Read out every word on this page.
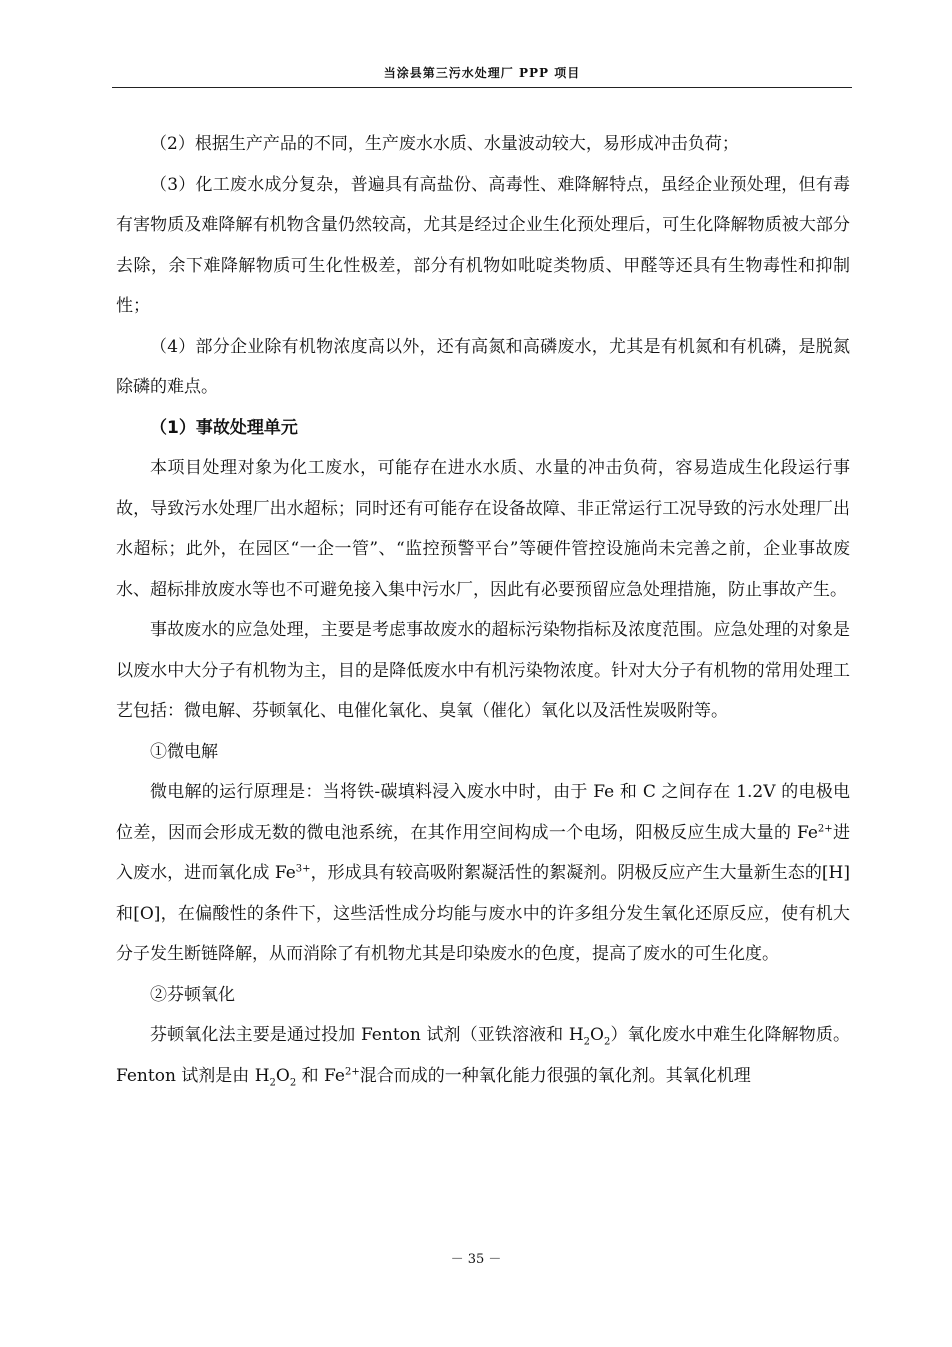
当涂县第三污水处理厂 PPP 项目

（2）根据生产产品的不同，生产废水水质、水量波动较大，易形成冲击负荷；

（3）化工废水成分复杂，普遍具有高盐份、高毒性、难降解特点，虽经企业预处理，但有毒有害物质及难降解有机物含量仍然较高，尤其是经过企业生化预处理后，可生化降解物质被大部分去除，余下难降解物质可生化性极差，部分有机物如吡啶类物质、甲醛等还具有生物毒性和抑制性；

（4）部分企业除有机物浓度高以外，还有高氮和高磷废水，尤其是有机氮和有机磷，是脱氮除磷的难点。

（1）事故处理单元

本项目处理对象为化工废水，可能存在进水水质、水量的冲击负荷，容易造成生化段运行事故，导致污水处理厂出水超标；同时还有可能存在设备故障、非正常运行工况导致的污水处理厂出水超标；此外，在园区“一企一管”、“监控预警平台”等硬件管控设施尚未完善之前，企业事故废水、超标排放废水等也不可避免接入集中污水厂，因此有必要预留应急处理措施，防止事故产生。

事故废水的应急处理，主要是考虑事故废水的超标污染物指标及浓度范围。应急处理的对象是以废水中大分子有机物为主，目的是降低废水中有机污染物浓度。针对大分子有机物的常用处理工艺包括：微电解、芬顿氧化、电催化氧化、臭氧（催化）氧化以及活性炭吸附等。

①微电解

微电解的运行原理是：当将铁-碳填料浸入废水中时，由于 Fe 和 C 之间存在 1.2V 的电极电位差，因而会形成无数的微电池系统，在其作用空间构成一个电场，阳极反应生成大量的 $Fe^{2+}$进入废水，进而氧化成 $Fe^{3+}$，形成具有较高吸附絮凝活性的絮凝剂。阴极反应产生大量新生态的[H]和[O]，在偏酸性的条件下，这些活性成分均能与废水中的许多组分发生氧化还原反应，使有机大分子发生断链降解，从而消除了有机物尤其是印染废水的色度，提高了废水的可生化度。

②芬顿氧化

芬顿氧化法主要是通过投加 Fenton 试剂（亚铁溶液和 $H_2O_2$）氧化废水中难生化降解物质。Fenton 试剂是由 $H_2O_2$ 和 $Fe^{2+}$混合而成的一种氧化能力很强的氧化剂。其氧化机理

－ 35 －
